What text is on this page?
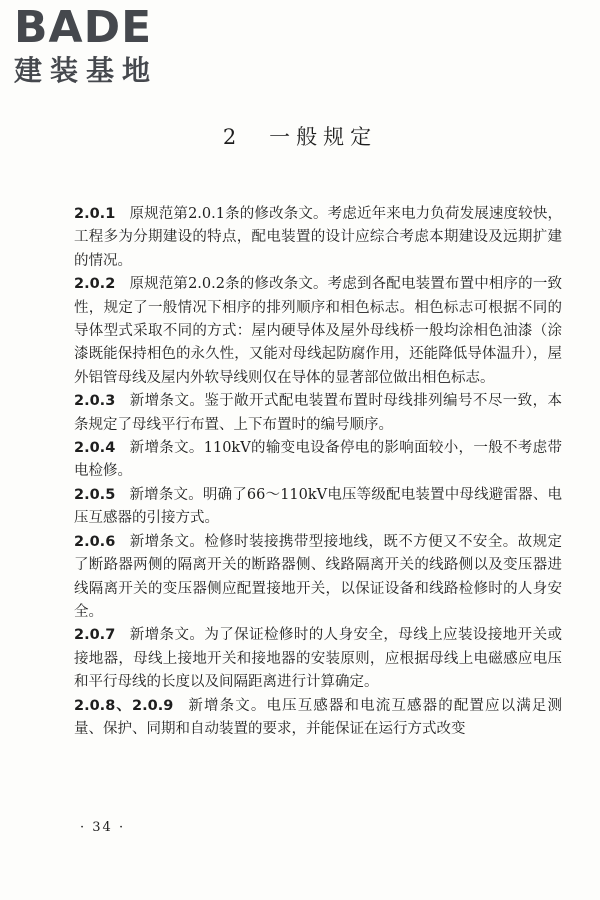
BADE
建装基地
2　一般规定

2.0.1 原规范第2.0.1条的修改条文。考虑近年来电力负荷发展速度较快，工程多为分期建设的特点，配电装置的设计应综合考虑本期建设及远期扩建的情况。

2.0.2 原规范第2.0.2条的修改条文。考虑到各配电装置布置中相序的一致性，规定了一般情况下相序的排列顺序和相色标志。相色标志可根据不同的导体型式采取不同的方式：屋内硬导体及屋外母线桥一般均涂相色油漆（涂漆既能保持相色的永久性，又能对母线起防腐作用，还能降低导体温升），屋外铝管母线及屋内外软导线则仅在导体的显著部位做出相色标志。

2.0.3 新增条文。鉴于敞开式配电装置布置时母线排列编号不尽一致，本条规定了母线平行布置、上下布置时的编号顺序。

2.0.4 新增条文。110kV的输变电设备停电的影响面较小，一般不考虑带电检修。

2.0.5 新增条文。明确了66～110kV电压等级配电装置中母线避雷器、电压互感器的引接方式。

2.0.6 新增条文。检修时装接携带型接地线，既不方便又不安全。故规定了断路器两侧的隔离开关的断路器侧、线路隔离开关的线路侧以及变压器进线隔离开关的变压器侧应配置接地开关，以保证设备和线路检修时的人身安全。

2.0.7 新增条文。为了保证检修时的人身安全，母线上应装设接地开关或接地器，母线上接地开关和接地器的安装原则，应根据母线上电磁感应电压和平行母线的长度以及间隔距离进行计算确定。

2.0.8、2.0.9 新增条文。电压互感器和电流互感器的配置应以满足测量、保护、同期和自动装置的要求，并能保证在运行方式改变

· 34 ·
